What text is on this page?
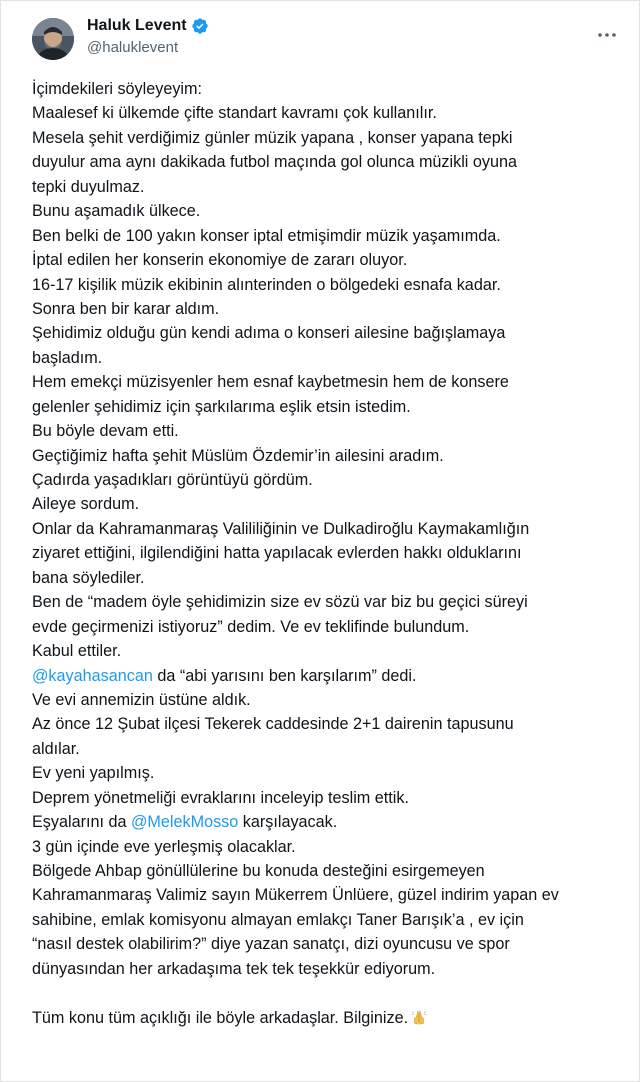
Haluk Levent
@haluklevent
İçimdekileri söyleyeyim:
Maalesef ki ülkemde çifte standart kavramı çok kullanılır.
Mesela şehit verdiğimiz günler müzik yapana , konser yapana tepki
duyulur ama aynı dakikada futbol maçında gol olunca müzikli oyuna
tepki duyulmaz.
Bunu aşamadık ülkece.
Ben belki de 100 yakın konser iptal etmişimdir müzik yaşamımda.
İptal edilen her konserin ekonomiye de zararı oluyor.
16-17 kişilik müzik ekibinin alınterinden o bölgedeki esnafa kadar.
Sonra ben bir karar aldım.
Şehidimiz olduğu gün kendi adıma o konseri ailesine bağışlamaya
başladım.
Hem emekçi müzisyenler hem esnaf kaybetmesin hem de konsere
gelenler şehidimiz için şarkılarıma eşlik etsin istedim.
Bu böyle devam etti.
Geçtiğimiz hafta şehit Müslüm Özdemir’in ailesini aradım.
Çadırda yaşadıkları görüntüyü gördüm.
Aileye sordum.
Onlar da Kahramanmaraş Valililiğinin ve Dulkadiroğlu Kaymakamlığın
ziyaret ettiğini, ilgilendiğini hatta yapılacak evlerden hakkı olduklarını
bana söylediler.
Ben de “madem öyle şehidimizin size ev sözü var biz bu geçici süreyi
evde geçirmenizi istiyoruz” dedim. Ve ev teklifinde bulundum.
Kabul ettiler.
@kayahasancan da “abi yarısını ben karşılarım” dedi.
Ve evi annemizin üstüne aldık.
Az önce 12 Şubat ilçesi Tekerek caddesinde 2+1 dairenin tapusunu
aldılar.
Ev yeni yapılmış.
Deprem yönetmeliği evraklarını inceleyip teslim ettik.
Eşyalarını da @MelekMosso karşılayacak.
3 gün içinde eve yerleşmiş olacaklar.
Bölgede Ahbap gönüllülerine bu konuda desteğini esirgemeyen
Kahramanmaraş Valimiz sayın Mükerrem Ünlüere, güzel indirim yapan ev
sahibine, emlak komisyonu almayan emlakçı Taner Barışık’a , ev için
“nasıl destek olabilirim?” diye yazan sanatçı, dizi oyuncusu ve spor
dünyasından her arkadaşıma tek tek teşekkür ediyorum.
Tüm konu tüm açıklığı ile böyle arkadaşlar. Bilginize.
